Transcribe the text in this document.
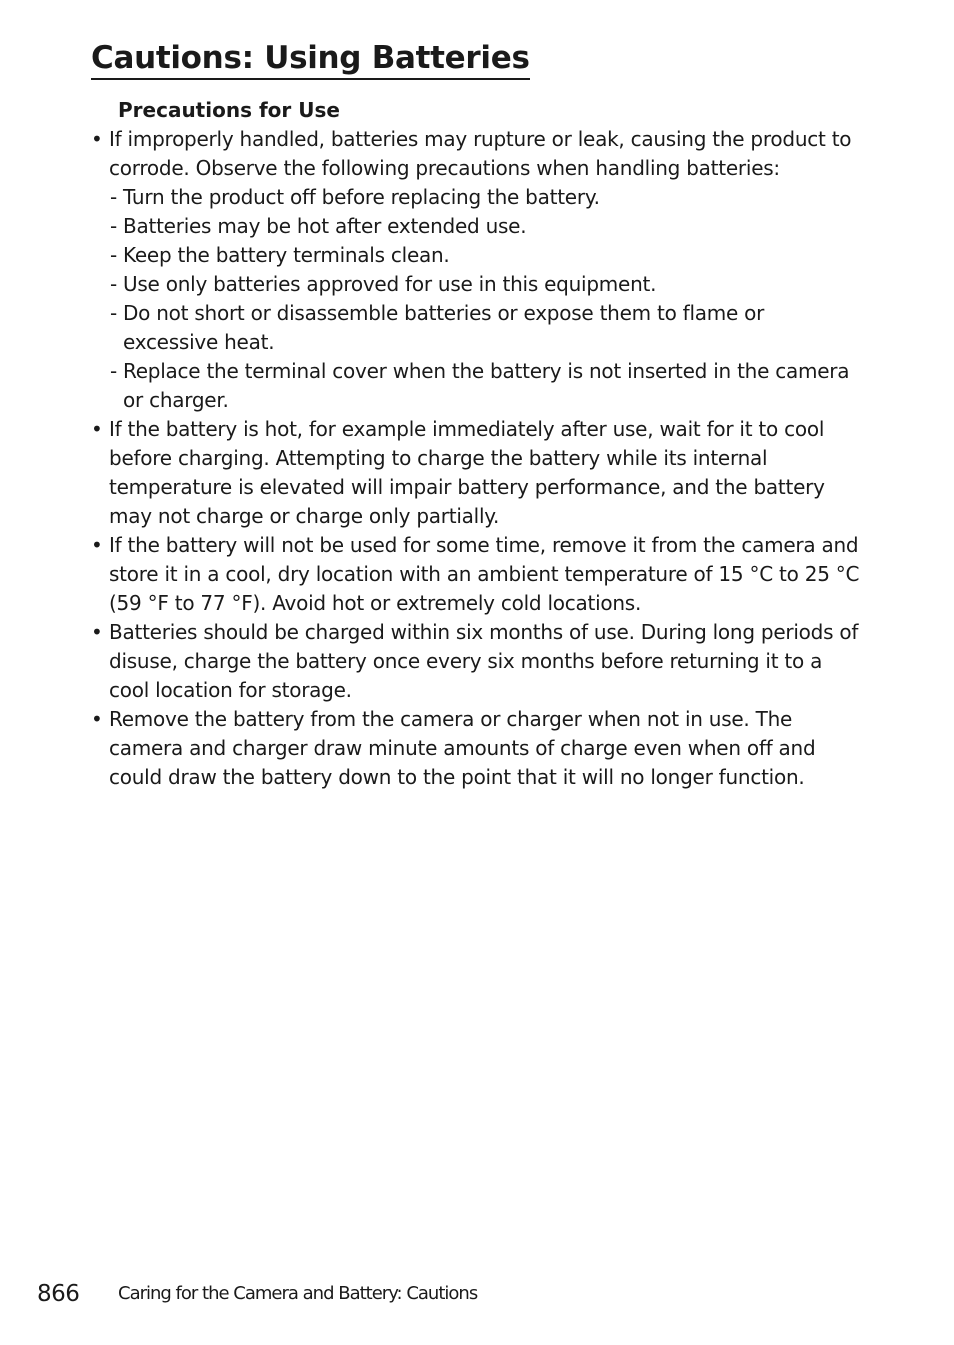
Cautions: Using Batteries
Precautions for Use
• If improperly handled, batteries may rupture or leak, causing the product to corrode. Observe the following precautions when handling batteries:
- Turn the product off before replacing the battery.
- Batteries may be hot after extended use.
- Keep the battery terminals clean.
- Use only batteries approved for use in this equipment.
- Do not short or disassemble batteries or expose them to flame or excessive heat.
- Replace the terminal cover when the battery is not inserted in the camera or charger.
• If the battery is hot, for example immediately after use, wait for it to cool before charging. Attempting to charge the battery while its internal temperature is elevated will impair battery performance, and the battery may not charge or charge only partially.
• If the battery will not be used for some time, remove it from the camera and store it in a cool, dry location with an ambient temperature of 15 °C to 25 °C (59 °F to 77 °F). Avoid hot or extremely cold locations.
• Batteries should be charged within six months of use. During long periods of disuse, charge the battery once every six months before returning it to a cool location for storage.
• Remove the battery from the camera or charger when not in use. The camera and charger draw minute amounts of charge even when off and could draw the battery down to the point that it will no longer function.
866 Caring for the Camera and Battery: Cautions
